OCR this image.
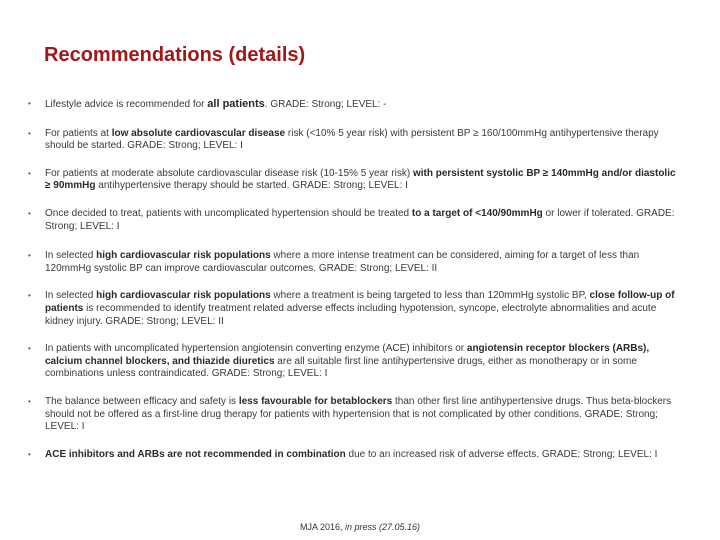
Recommendations (details)
• Lifestyle advice is recommended for all patients. GRADE: Strong; LEVEL: -
• For patients at low absolute cardiovascular disease risk (<10% 5 year risk) with persistent BP ≥ 160/100mmHg antihypertensive therapy should be started. GRADE: Strong; LEVEL: I
• For patients at moderate absolute cardiovascular disease risk (10-15% 5 year risk) with persistent systolic BP ≥ 140mmHg and/or diastolic ≥ 90mmHg antihypertensive therapy should be started. GRADE: Strong; LEVEL: I
• Once decided to treat, patients with uncomplicated hypertension should be treated to a target of <140/90mmHg or lower if tolerated. GRADE: Strong; LEVEL: I
• In selected high cardiovascular risk populations where a more intense treatment can be considered, aiming for a target of less than 120mmHg systolic BP can improve cardiovascular outcomes. GRADE: Strong; LEVEL: II
• In selected high cardiovascular risk populations where a treatment is being targeted to less than 120mmHg systolic BP, close follow-up of patients is recommended to identify treatment related adverse effects including hypotension, syncope, electrolyte abnormalities and acute kidney injury. GRADE: Strong; LEVEL: II
• In patients with uncomplicated hypertension angiotensin converting enzyme (ACE) inhibitors or angiotensin receptor blockers (ARBs), calcium channel blockers, and thiazide diuretics are all suitable first line antihypertensive drugs, either as monotherapy or in some combinations unless contraindicated. GRADE: Strong; LEVEL: I
• The balance between efficacy and safety is less favourable for betablockers than other first line antihypertensive drugs. Thus beta-blockers should not be offered as a first-line drug therapy for patients with hypertension that is not complicated by other conditions. GRADE: Strong; LEVEL: I
• ACE inhibitors and ARBs are not recommended in combination due to an increased risk of adverse effects. GRADE: Strong; LEVEL: I
MJA 2016, in press (27.05.16)
